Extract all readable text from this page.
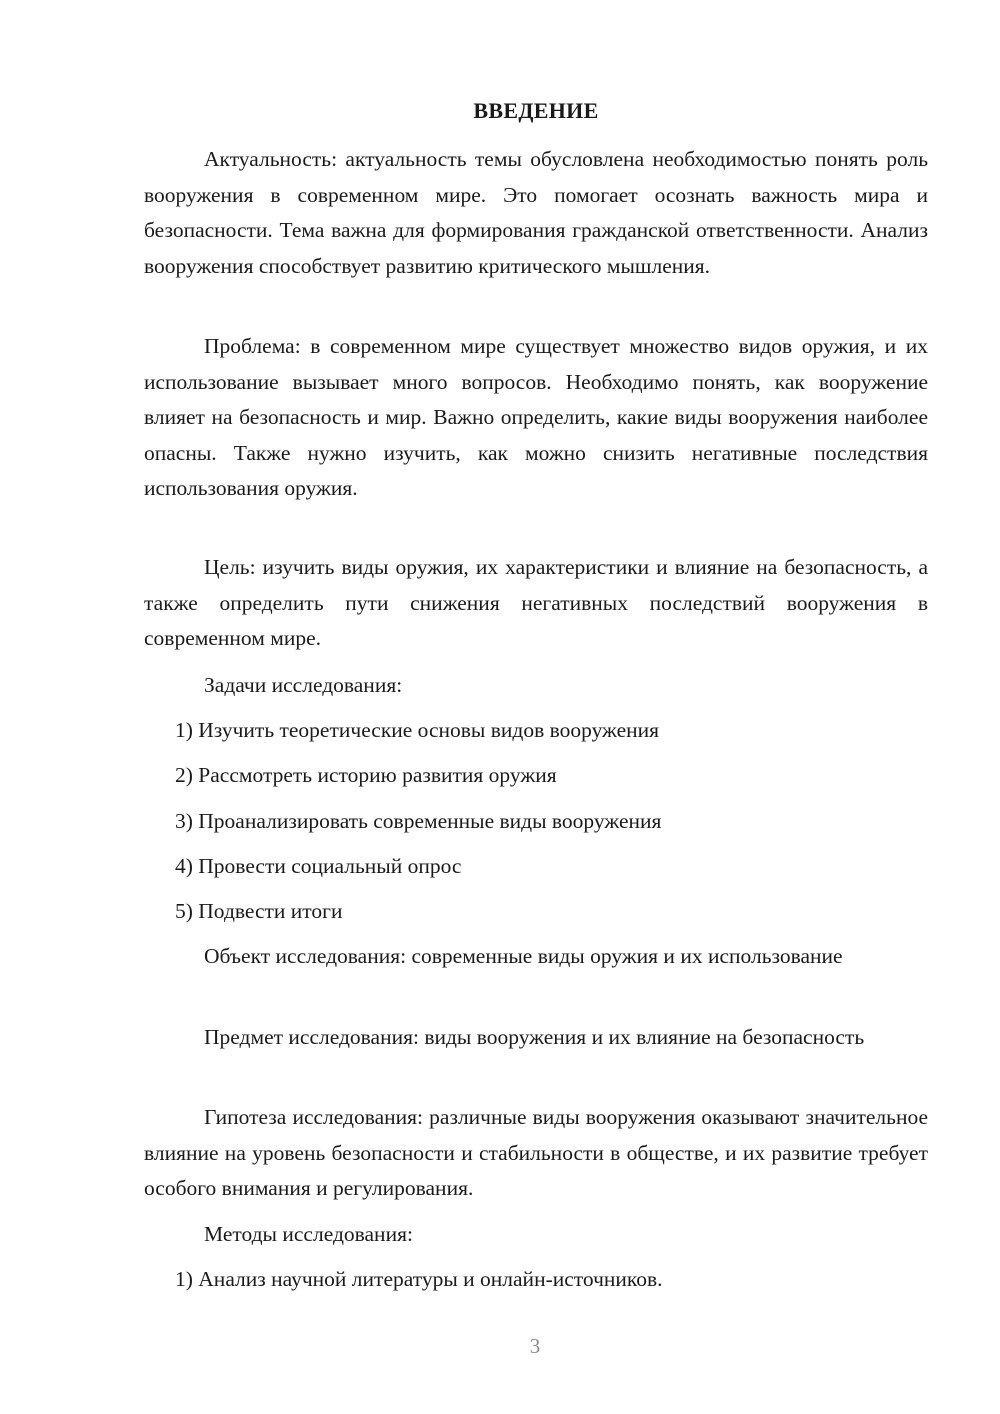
ВВЕДЕНИЕ

Актуальность: актуальность темы обусловлена необходимостью понять роль вооружения в современном мире. Это помогает осознать важность мира и безопасности. Тема важна для формирования гражданской ответственности. Анализ вооружения способствует развитию критического мышления.

Проблема: в современном мире существует множество видов оружия, и их использование вызывает много вопросов. Необходимо понять, как вооружение влияет на безопасность и мир. Важно определить, какие виды вооружения наиболее опасны. Также нужно изучить, как можно снизить негативные последствия использования оружия.

Цель: изучить виды оружия, их характеристики и влияние на безопасность, а также определить пути снижения негативных последствий вооружения в современном мире.

Задачи исследования:

1) Изучить теоретические основы видов вооружения

2) Рассмотреть историю развития оружия

3) Проанализировать современные виды вооружения

4) Провести социальный опрос

5) Подвести итоги

Объект исследования: современные виды оружия и их использование

Предмет исследования: виды вооружения и их влияние на безопасность

Гипотеза исследования: различные виды вооружения оказывают значительное влияние на уровень безопасности и стабильности в обществе, и их развитие требует особого внимания и регулирования.

Методы исследования:

1) Анализ научной литературы и онлайн-источников.

3
